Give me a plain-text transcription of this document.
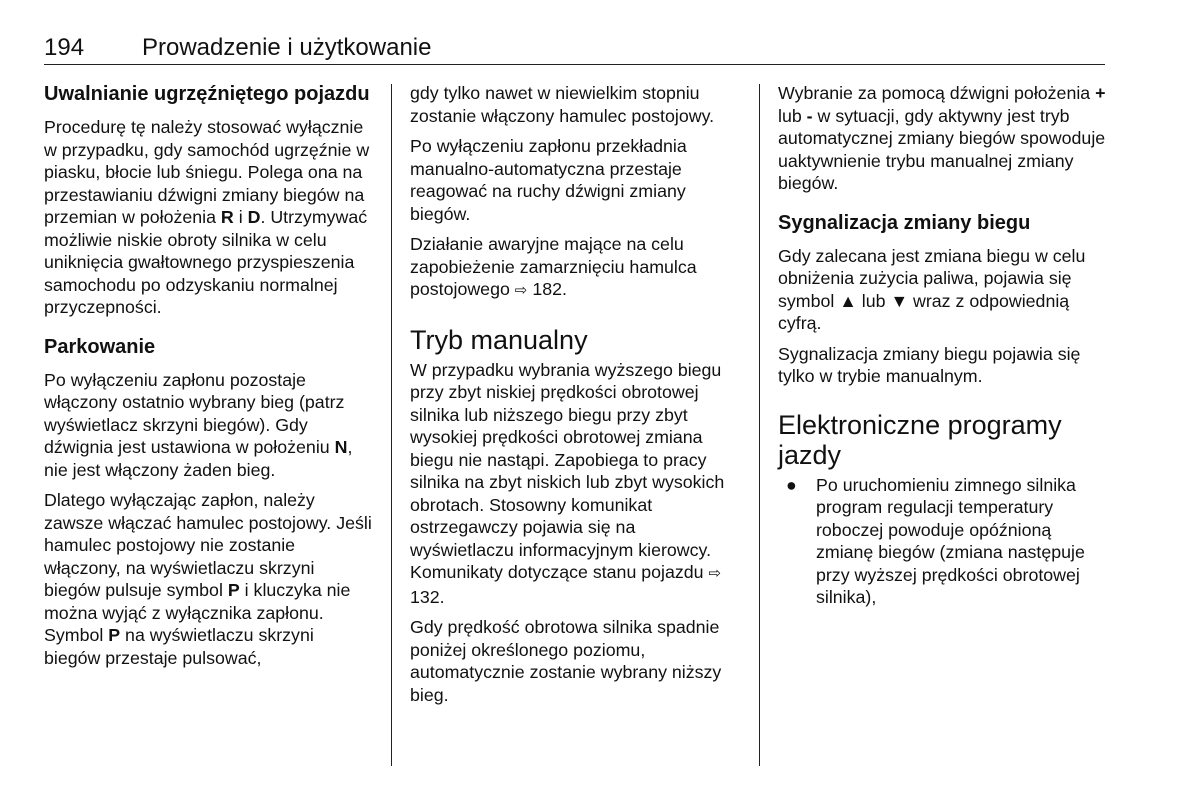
194 Prowadzenie i użytkowanie
Uwalnianie ugrzęźniętego pojazdu

Procedurę tę należy stosować wyłącznie w przypadku, gdy samochód ugrzęźnie w piasku, błocie lub śniegu. Polega ona na przestawianiu dźwigni zmiany biegów na przemian w położenia R i D. Utrzymywać możliwie niskie obroty silnika w celu uniknięcia gwałtownego przyspieszenia samochodu po odzyskaniu normalnej przyczepności.

Parkowanie

Po wyłączeniu zapłonu pozostaje włączony ostatnio wybrany bieg (patrz wyświetlacz skrzyni biegów). Gdy dźwignia jest ustawiona w położeniu N, nie jest włączony żaden bieg.

Dlatego wyłączając zapłon, należy zawsze włączać hamulec postojowy. Jeśli hamulec postojowy nie zostanie włączony, na wyświetlaczu skrzyni biegów pulsuje symbol P i kluczyka nie można wyjąć z wyłącznika zapłonu. Symbol P na wyświetlaczu skrzyni biegów przestaje pulsować,

gdy tylko nawet w niewielkim stopniu zostanie włączony hamulec postojowy.

Po wyłączeniu zapłonu przekładnia manualno-automatyczna przestaje reagować na ruchy dźwigni zmiany biegów.

Działanie awaryjne mające na celu zapobieżenie zamarznięciu hamulca postojowego ⇨ 182.

Tryb manualny

W przypadku wybrania wyższego biegu przy zbyt niskiej prędkości obrotowej silnika lub niższego biegu przy zbyt wysokiej prędkości obrotowej zmiana biegu nie nastąpi. Zapobiega to pracy silnika na zbyt niskich lub zbyt wysokich obrotach. Stosowny komunikat ostrzegawczy pojawia się na wyświetlaczu informacyjnym kierowcy. Komunikaty dotyczące stanu pojazdu ⇨ 132.

Gdy prędkość obrotowa silnika spadnie poniżej określonego poziomu, automatycznie zostanie wybrany niższy bieg.

Wybranie za pomocą dźwigni położenia + lub - w sytuacji, gdy aktywny jest tryb automatycznej zmiany biegów spowoduje uaktywnienie trybu manualnej zmiany biegów.

Sygnalizacja zmiany biegu

Gdy zalecana jest zmiana biegu w celu obniżenia zużycia paliwa, pojawia się symbol ▲ lub ▼ wraz z odpowiednią cyfrą.

Sygnalizacja zmiany biegu pojawia się tylko w trybie manualnym.

Elektroniczne programy jazdy
● Po uruchomieniu zimnego silnika program regulacji temperatury roboczej powoduje opóźnioną zmianę biegów (zmiana następuje przy wyższej prędkości obrotowej silnika),
